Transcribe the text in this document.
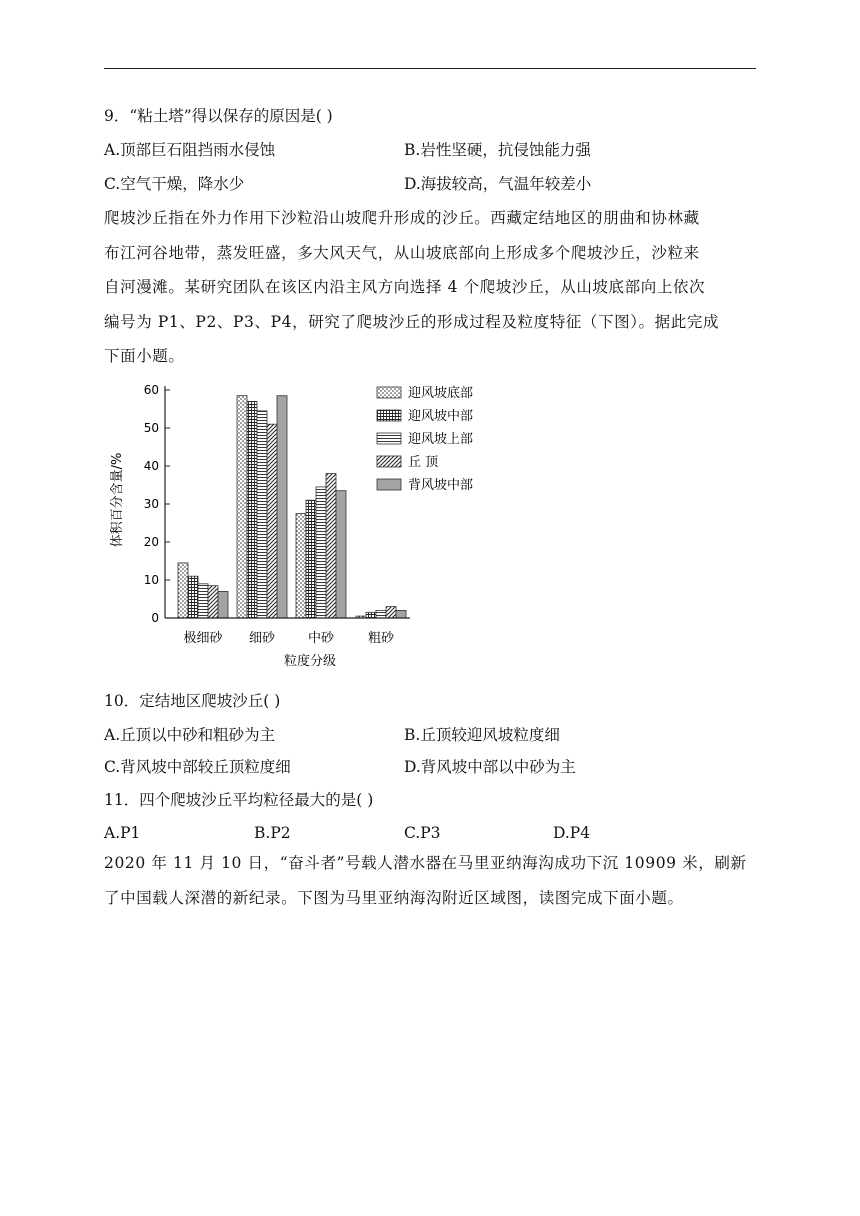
9．“粘土塔”得以保存的原因是( )
A.顶部巨石阻挡雨水侵蚀	B.岩性坚硬，抗侵蚀能力强
C.空气干燥，降水少	D.海拔较高，气温年较差小
爬坡沙丘指在外力作用下沙粒沿山坡爬升形成的沙丘。西藏定结地区的朋曲和协林藏
布江河谷地带，蒸发旺盛，多大风天气，从山坡底部向上形成多个爬坡沙丘，沙粒来
自河漫滩。某研究团队在该区内沿主风方向选择 4 个爬坡沙丘，从山坡底部向上依次
编号为 P1、P2、P3、P4，研究了爬坡沙丘的形成过程及粒度特征（下图）。据此完成
下面小题。
体积百分含量/%
0
10
20
30
40
50
60
极细砂 细砂	中砂	粗砂
粒度分级
迎风坡底部
迎风坡中部
迎风坡上部
丘 顶
背风坡中部
10．定结地区爬坡沙丘( )
A.丘顶以中砂和粗砂为主	B.丘顶较迎风坡粒度细
C.背风坡中部较丘顶粒度细	D.背风坡中部以中砂为主
11．四个爬坡沙丘平均粒径最大的是( )
A.P1	B.P2	C.P3	D.P4
2020 年 11 月 10 日，“奋斗者”号载人潜水器在马里亚纳海沟成功下沉 10909 米，刷新
了中国载人深潜的新纪录。下图为马里亚纳海沟附近区域图，读图完成下面小题。
